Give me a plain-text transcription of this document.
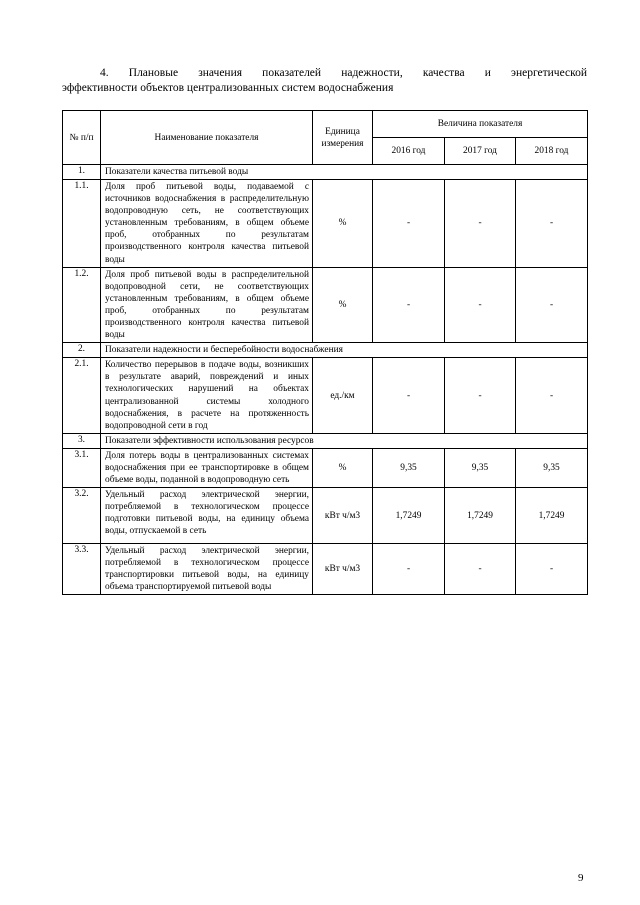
4. Плановые значения показателей надежности, качества и энергетической
эффективности объектов централизованных систем водоснабжения
№ п/п	Наименование показателя	Единица измерения	Величина показателя		
			2016 год	2017 год	2018 год
1.	Показатели качества питьевой воды				
1.1.	Доля проб питьевой воды, подаваемой с источников водоснабжения в распределительную водопроводную сеть, не соответствующих установленным требованиям, в общем объеме проб, отобранных по результатам производственного контроля качества питьевой воды	%	-	-	-
1.2.	Доля проб питьевой воды в распределительной водопроводной сети, не соответствующих установленным требованиям, в общем объеме проб, отобранных по результатам производственного контроля качества питьевой воды	%	-	-	-
2.	Показатели надежности и бесперебойности водоснабжения				
2.1.	Количество перерывов в подаче воды, возникших в результате аварий, повреждений и иных технологических нарушений на объектах централизованной системы холодного водоснабжения, в расчете на протяженность водопроводной сети в год	ед./км	-	-	-
3.	Показатели эффективности использования ресурсов				
3.1.	Доля потерь воды в централизованных системах водоснабжения при ее транспортировке в общем объеме воды, поданной в водопроводную сеть	%	9,35	9,35	9,35
3.2.	Удельный расход электрической энергии, потребляемой в технологическом процессе подготовки питьевой воды, на единицу объема воды, отпускаемой в сеть	кВт ч/м3	1,7249	1,7249	1,7249
3.3.	Удельный расход электрической энергии, потребляемой в технологическом процессе транспортировки питьевой воды, на единицу объема транспортируемой питьевой воды	кВт ч/м3	-	-	-
9
